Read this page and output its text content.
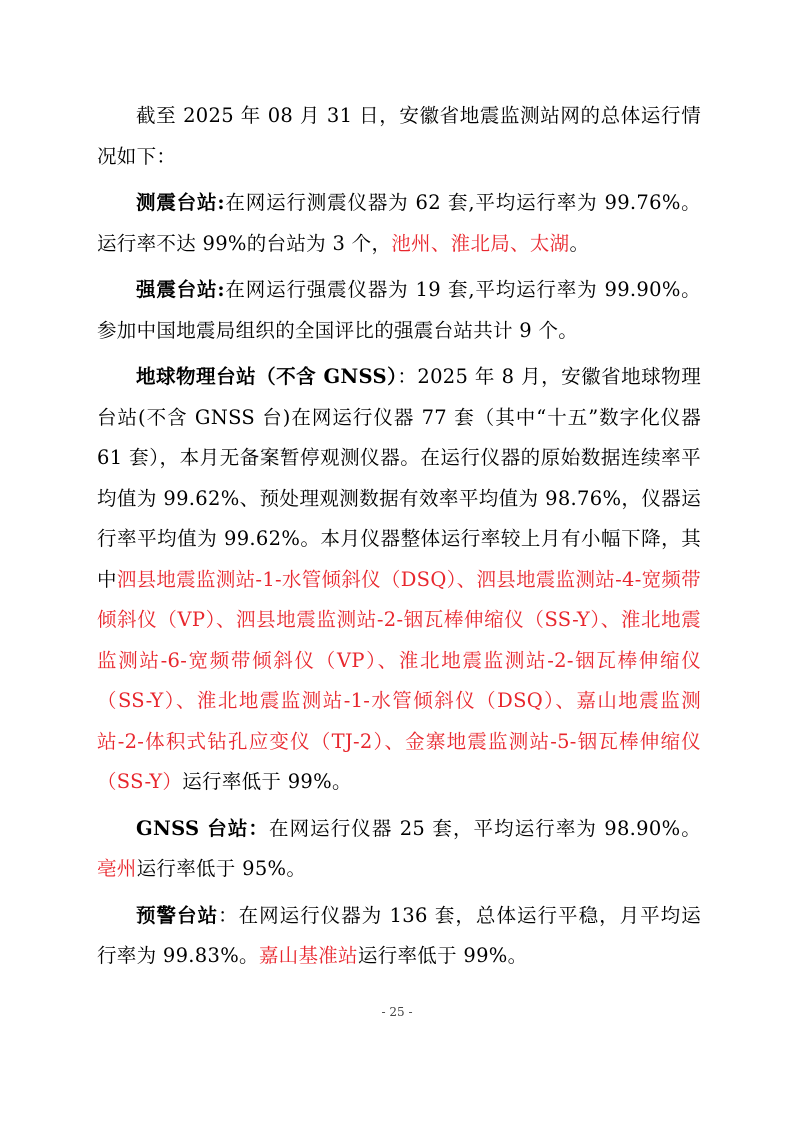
截至 2025 年 08 月 31 日，安徽省地震监测站网的总体运行情况如下：

测震台站:在网运行测震仪器为 62 套,平均运行率为 99.76%。运行率不达 99%的台站为 3 个，池州、淮北局、太湖。

强震台站:在网运行强震仪器为 19 套,平均运行率为 99.90%。参加中国地震局组织的全国评比的强震台站共计 9 个。

地球物理台站（不含 GNSS）：2025 年 8 月，安徽省地球物理台站(不含 GNSS 台)在网运行仪器 77 套（其中“十五”数字化仪器 61 套），本月无备案暂停观测仪器。在运行仪器的原始数据连续率平均值为 99.62%、预处理观测数据有效率平均值为 98.76%，仪器运行率平均值为 99.62%。本月仪器整体运行率较上月有小幅下降，其中泗县地震监测站-1-水管倾斜仪（DSQ）、泗县地震监测站-4-宽频带倾斜仪（VP）、泗县地震监测站-2-铟瓦棒伸缩仪（SS-Y）、淮北地震监测站-6-宽频带倾斜仪（VP）、淮北地震监测站-2-铟瓦棒伸缩仪（SS-Y）、淮北地震监测站-1-水管倾斜仪（DSQ）、嘉山地震监测站-2-体积式钻孔应变仪（TJ-2）、金寨地震监测站-5-铟瓦棒伸缩仪（SS-Y）运行率低于 99%。

GNSS 台站：在网运行仪器 25 套，平均运行率为 98.90%。亳州运行率低于 95%。

预警台站：在网运行仪器为 136 套，总体运行平稳，月平均运行率为 99.83%。嘉山基准站运行率低于 99%。

- 25 -
